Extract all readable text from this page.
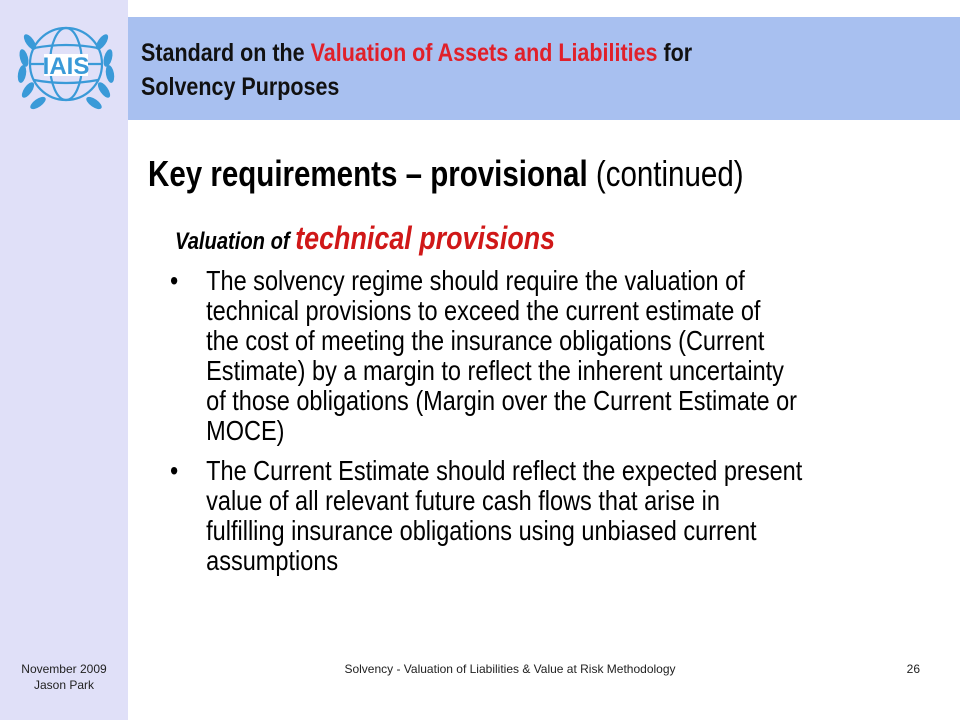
IAIS Standard on the Valuation of Assets and Liabilities for
Solvency Purposes
Key requirements – provisional (continued)
Valuation of technical provisions
• The solvency regime should require the valuation of
technical provisions to exceed the current estimate of
the cost of meeting the insurance obligations (Current
Estimate) by a margin to reflect the inherent uncertainty
of those obligations (Margin over the Current Estimate or
MOCE)
• The Current Estimate should reflect the expected present
value of all relevant future cash flows that arise in
fulfilling insurance obligations using unbiased current
assumptions
November 2009
Jason Park
Solvency - Valuation of Liabilities & Value at Risk Methodology	26
